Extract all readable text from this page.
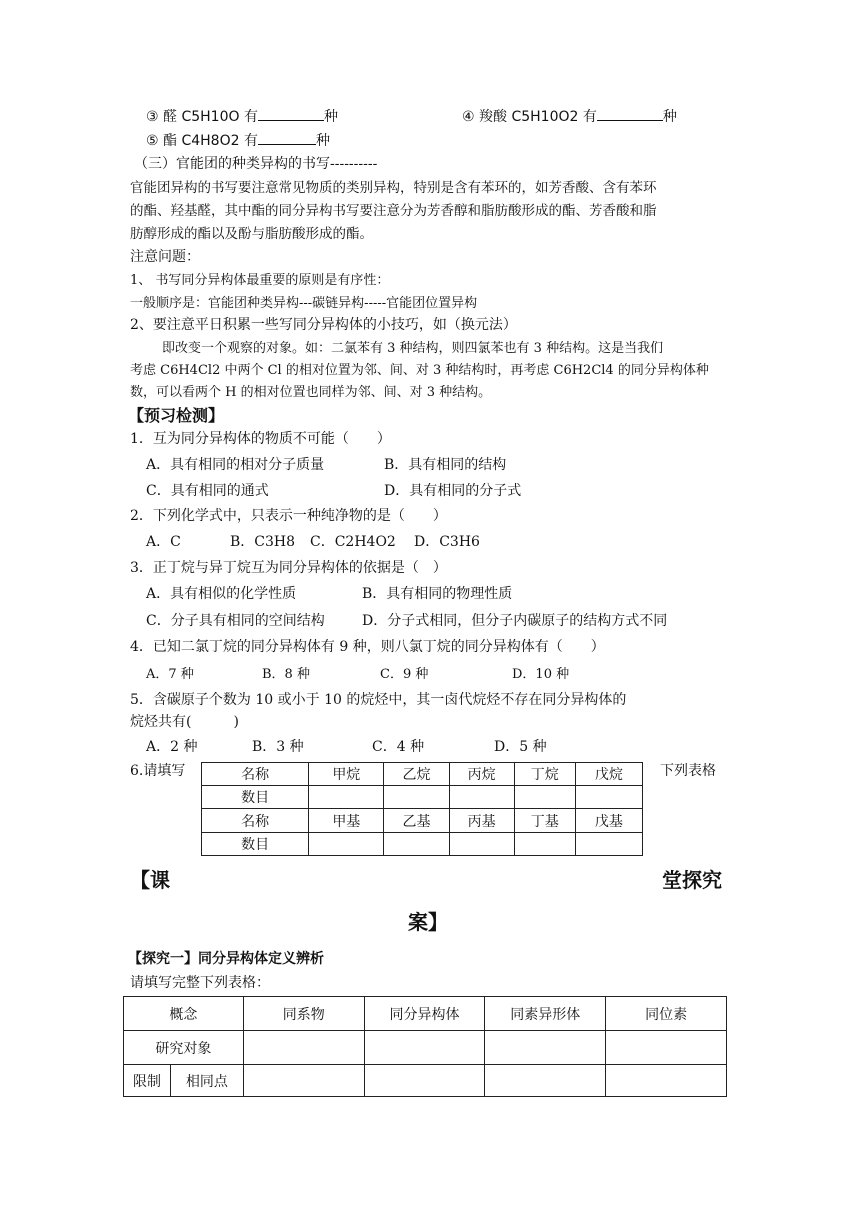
③ 醛 C5H10O 有	种	④ 羧酸 C5H10O2 有	种
⑤ 酯 C4H8O2 有	种
（三）官能团的种类异构的书写----------
官能团异构的书写要注意常见物质的类别异构，特别是含有苯环的，如芳香酸、含有苯环
的酯、羟基醛，其中酯的同分异构书写要注意分为芳香醇和脂肪酸形成的酯、芳香酸和脂
肪醇形成的酯以及酚与脂肪酸形成的酯。
注意问题：
1、 书写同分异构体最重要的原则是有序性：
一般顺序是：官能团种类异构---碳链异构-----官能团位置异构
2、要注意平日积累一些写同分异构体的小技巧，如（换元法）
即改变一个观察的对象。如：二氯苯有 3 种结构，则四氯苯也有 3 种结构。这是当我们
考虑 C6H4Cl2 中两个 Cl 的相对位置为邻、间、对 3 种结构时，再考虑 C6H2Cl4 的同分异构体种
数，可以看两个 H 的相对位置也同样为邻、间、对 3 种结构。
【预习检测】
1．互为同分异构体的物质不可能（　　）
A．具有相同的相对分子质量	B．具有相同的结构
C．具有相同的通式	D．具有相同的分子式
2．下列化学式中，只表示一种纯净物的是（　　）
A．C	B．C3H8 C．C2H4O2 D．C3H6
3．正丁烷与异丁烷互为同分异构体的依据是（　）
A．具有相似的化学性质	B．具有相同的物理性质
C．分子具有相同的空间结构	D．分子式相同，但分子内碳原子的结构方式不同
4．已知二氯丁烷的同分异构体有 9 种，则八氯丁烷的同分异构体有（　　）
A．7 种	B．8 种	C．9 种	D．10 种
5．含碳原子个数为 10 或小于 10 的烷烃中，其一卤代烷烃不存在同分异构体的
烷烃共有(　　　)
A．2 种	B．3 种	C．4 种	D．5 种
6.请填写	下列表格
名称	甲烷	乙烷	丙烷	丁烷	戊烷
数目					
名称	甲基	乙基	丙基	丁基	戊基
数目					
【课	堂探究
案】
【探究一】同分异构体定义辨析
请填写完整下列表格：
概念		同系物	同分异构体	同素异形体	同位素
研究对象					
限制	相同点				
